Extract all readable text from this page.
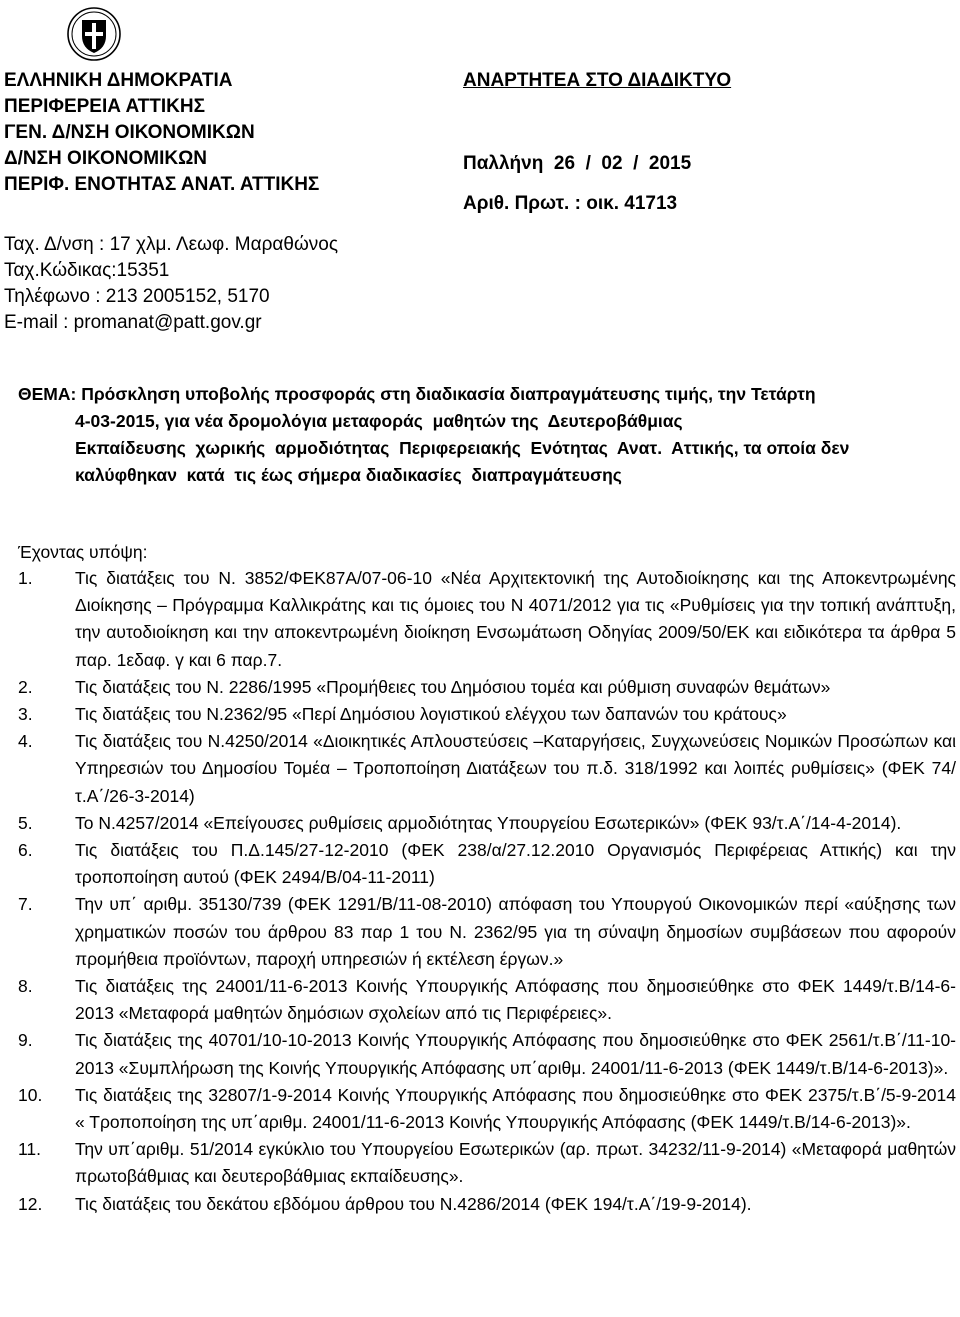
ΕΛΛΗΝΙΚΗ ΔΗΜΟΚΡΑΤΙΑ
ΠΕΡΙΦΕΡΕΙΑ ΑΤΤΙΚΗΣ
ΓΕΝ. Δ/ΝΣΗ ΟΙΚΟΝΟΜΙΚΩΝ
Δ/ΝΣΗ ΟΙΚΟΝΟΜΙΚΩΝ
ΠΕΡΙΦ. ΕΝΟΤΗΤΑΣ ΑΝΑΤ. ΑΤΤΙΚΗΣ
Ταχ. Δ/νση : 17 χλμ. Λεωφ. Μαραθώνος
Ταχ.Κώδικας:15351
Τηλέφωνο : 213 2005152, 5170
E-mail : promanat@patt.gov.gr
ΑΝΑΡΤΗΤΕΑ ΣΤΟ ΔΙΑΔΙΚΤΥΟ
Παλλήνη  26  /  02  /  2015
Αριθ. Πρωτ. : οικ. 41713
ΘΕΜΑ: Πρόσκληση υποβολής προσφοράς στη διαδικασία διαπραγμάτευσης τιμής, την Τετάρτη
4-03-2015, για νέα δρομολόγια μεταφοράς  μαθητών της  Δευτεροβάθμιας
Εκπαίδευσης  χωρικής  αρμοδιότητας  Περιφερειακής  Ενότητας  Ανατ.  Αττικής, τα οποία δεν
καλύφθηκαν  κατά  τις έως σήμερα διαδικασίες  διαπραγμάτευσης
Έχοντας υπόψη:
1.	Τις διατάξεις του Ν. 3852/ΦΕΚ87Α/07-06-10 «Νέα Αρχιτεκτονική της Αυτοδιοίκησης και της Αποκεντρωμένης Διοίκησης – Πρόγραμμα Καλλικράτης και τις όμοιες του Ν 4071/2012 για τις «Ρυθμίσεις για την τοπική ανάπτυξη, την αυτοδιοίκηση και την αποκεντρωμένη διοίκηση Ενσωμάτωση Οδηγίας 2009/50/ΕΚ και ειδικότερα τα άρθρα 5 παρ. 1εδαφ. γ και 6 παρ.7.
2.	Τις διατάξεις του Ν. 2286/1995 «Προμήθειες του Δημόσιου τομέα και ρύθμιση συναφών θεμάτων»
3.	Τις διατάξεις του Ν.2362/95 «Περί Δημόσιου λογιστικού ελέγχου των δαπανών του κράτους»
4.	Τις διατάξεις του Ν.4250/2014 «Διοικητικές Απλουστεύσεις –Καταργήσεις, Συγχωνεύσεις Νομικών Προσώπων και Υπηρεσιών του Δημοσίου Τομέα – Τροποποίηση Διατάξεων του π.δ. 318/1992 και λοιπές ρυθμίσεις» (ΦΕΚ 74/τ.Α΄/26-3-2014)
5.	Το Ν.4257/2014 «Επείγουσες ρυθμίσεις αρμοδιότητας Υπουργείου Εσωτερικών» (ΦΕΚ 93/τ.Α΄/14-4-2014).
6.	Τις διατάξεις του Π.Δ.145/27-12-2010 (ΦΕΚ 238/α/27.12.2010 Οργανισμός Περιφέρειας Αττικής) και την τροποποίηση αυτού (ΦΕΚ 2494/Β/04-11-2011)
7.	Την υπ΄ αριθμ. 35130/739 (ΦΕΚ 1291/Β/11-08-2010) απόφαση του Υπουργού Οικονομικών περί «αύξησης των χρηματικών ποσών του άρθρου 83 παρ 1 του Ν. 2362/95 για τη σύναψη δημοσίων συμβάσεων που αφορούν προμήθεια προϊόντων, παροχή υπηρεσιών ή εκτέλεση έργων.»
8.	Τις διατάξεις της 24001/11-6-2013 Κοινής Υπουργικής Απόφασης που δημοσιεύθηκε στο ΦΕΚ 1449/τ.Β/14-6-2013 «Μεταφορά μαθητών δημόσιων σχολείων από τις Περιφέρειες».
9.	Τις διατάξεις της 40701/10-10-2013 Κοινής Υπουργικής Απόφασης που δημοσιεύθηκε στο ΦΕΚ 2561/τ.Β΄/11-10-2013 «Συμπλήρωση της Κοινής Υπουργικής Απόφασης υπ΄αριθμ. 24001/11-6-2013 (ΦΕΚ 1449/τ.Β/14-6-2013)».
10.	Τις διατάξεις της 32807/1-9-2014 Κοινής Υπουργικής Απόφασης που δημοσιεύθηκε στο ΦΕΚ 2375/τ.Β΄/5-9-2014 « Τροποποίηση της υπ΄αριθμ. 24001/11-6-2013 Κοινής Υπουργικής Απόφασης (ΦΕΚ 1449/τ.Β/14-6-2013)».
11.	Την υπ΄αριθμ. 51/2014 εγκύκλιο του Υπουργείου Εσωτερικών (αρ. πρωτ. 34232/11-9-2014) «Μεταφορά μαθητών πρωτοβάθμιας και δευτεροβάθμιας εκπαίδευσης».
12.	Τις διατάξεις του δεκάτου εβδόμου άρθρου του Ν.4286/2014 (ΦΕΚ 194/τ.Α΄/19-9-2014).
